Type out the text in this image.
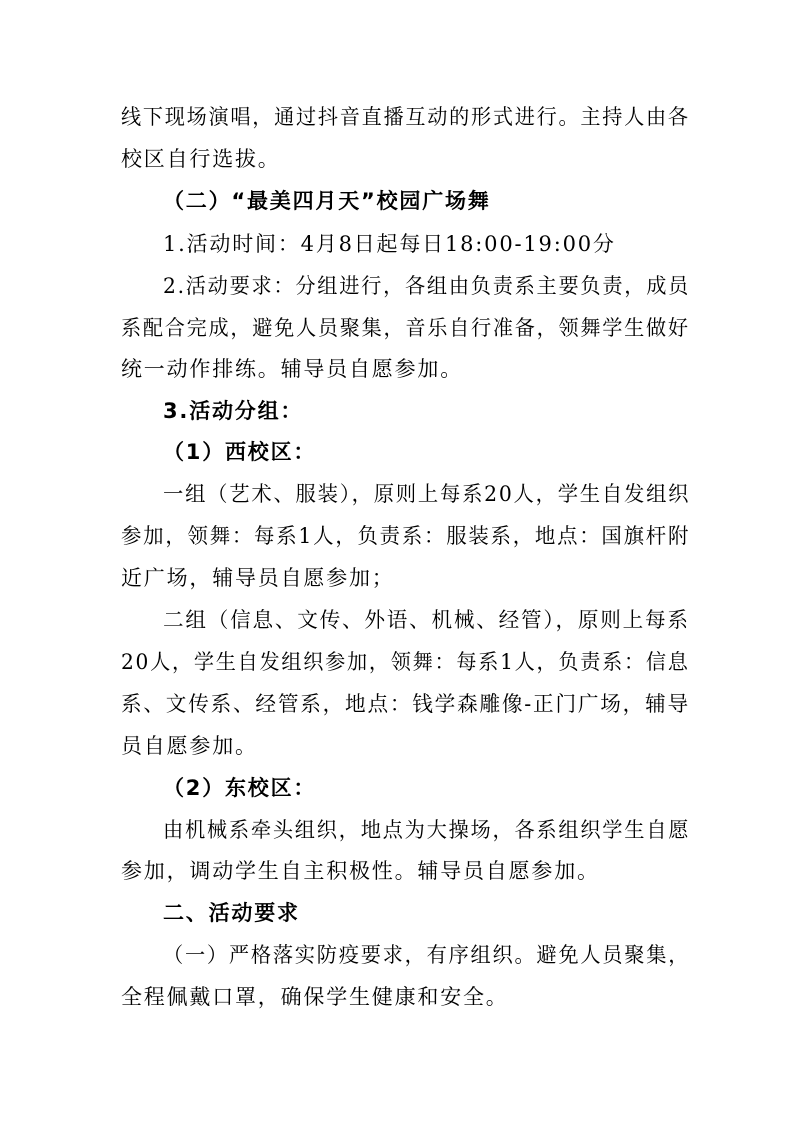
线下现场演唱，通过抖音直播互动的形式进行。主持人由各
校区自行选拔。
（二）“最美四月天”校园广场舞
1.活动时间：4月8日起每日18:00-19:00分
2.活动要求：分组进行，各组由负责系主要负责，成员
系配合完成，避免人员聚集，音乐自行准备，领舞学生做好
统一动作排练。辅导员自愿参加。
3.活动分组：
（1）西校区：
一组（艺术、服装），原则上每系20人，学生自发组织
参加，领舞：每系1人，负责系：服装系，地点：国旗杆附
近广场，辅导员自愿参加；
二组（信息、文传、外语、机械、经管），原则上每系
20人，学生自发组织参加，领舞：每系1人，负责系：信息
系、文传系、经管系，地点：钱学森雕像-正门广场，辅导
员自愿参加。
（2）东校区：
由机械系牵头组织，地点为大操场，各系组织学生自愿
参加，调动学生自主积极性。辅导员自愿参加。
二、活动要求
（一）严格落实防疫要求，有序组织。避免人员聚集，
全程佩戴口罩，确保学生健康和安全。
